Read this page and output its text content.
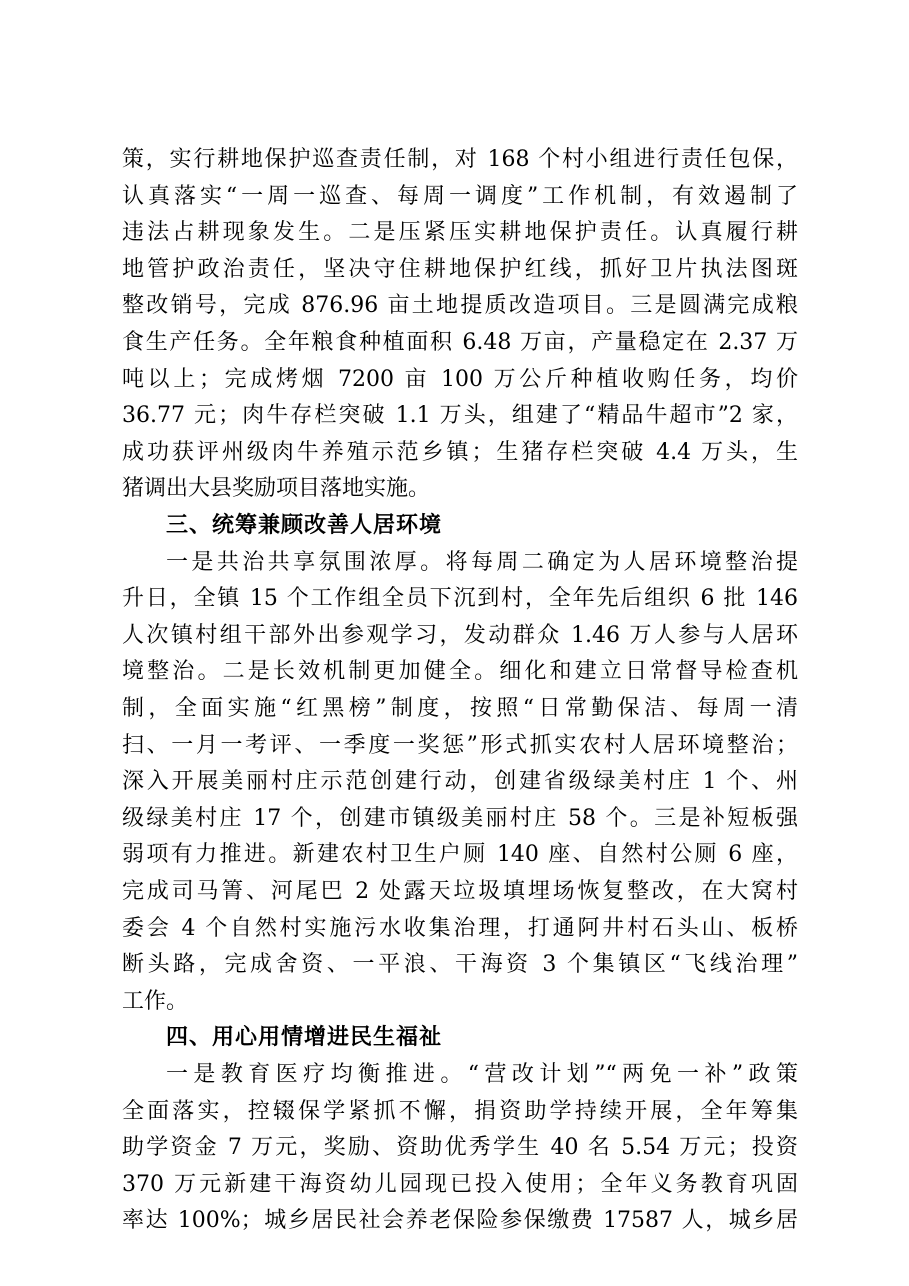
策，实行耕地保护巡查责任制，对 168 个村小组进行责任包保，
认真落实“一周一巡查、每周一调度”工作机制，有效遏制了
违法占耕现象发生。二是压紧压实耕地保护责任。认真履行耕
地管护政治责任，坚决守住耕地保护红线，抓好卫片执法图斑
整改销号，完成 876.96 亩土地提质改造项目。三是圆满完成粮
食生产任务。全年粮食种植面积 6.48 万亩，产量稳定在 2.37 万
吨以上；完成烤烟 7200 亩 100 万公斤种植收购任务，均价
36.77 元；肉牛存栏突破 1.1 万头，组建了“精品牛超市”2 家，
成功获评州级肉牛养殖示范乡镇；生猪存栏突破 4.4 万头，生
猪调出大县奖励项目落地实施。
三、统筹兼顾改善人居环境
一是共治共享氛围浓厚。将每周二确定为人居环境整治提
升日，全镇 15 个工作组全员下沉到村，全年先后组织 6 批 146
人次镇村组干部外出参观学习，发动群众 1.46 万人参与人居环
境整治。二是长效机制更加健全。细化和建立日常督导检查机
制，全面实施“红黑榜”制度，按照“日常勤保洁、每周一清
扫、一月一考评、一季度一奖惩”形式抓实农村人居环境整治；
深入开展美丽村庄示范创建行动，创建省级绿美村庄 1 个、州
级绿美村庄 17 个，创建市镇级美丽村庄 58 个。三是补短板强
弱项有力推进。新建农村卫生户厕 140 座、自然村公厕 6 座，
完成司马箐、河尾巴 2 处露天垃圾填埋场恢复整改，在大窝村
委会 4 个自然村实施污水收集治理，打通阿井村石头山、板桥
断头路，完成舍资、一平浪、干海资 3 个集镇区“飞线治理”
工作。
四、用心用情增进民生福祉
一是教育医疗均衡推进。“营改计划”“两免一补”政策
全面落实，控辍保学紧抓不懈，捐资助学持续开展，全年筹集
助学资金 7 万元，奖励、资助优秀学生 40 名 5.54 万元；投资
370 万元新建干海资幼儿园现已投入使用；全年义务教育巩固
率达 100%；城乡居民社会养老保险参保缴费 17587 人，城乡居
